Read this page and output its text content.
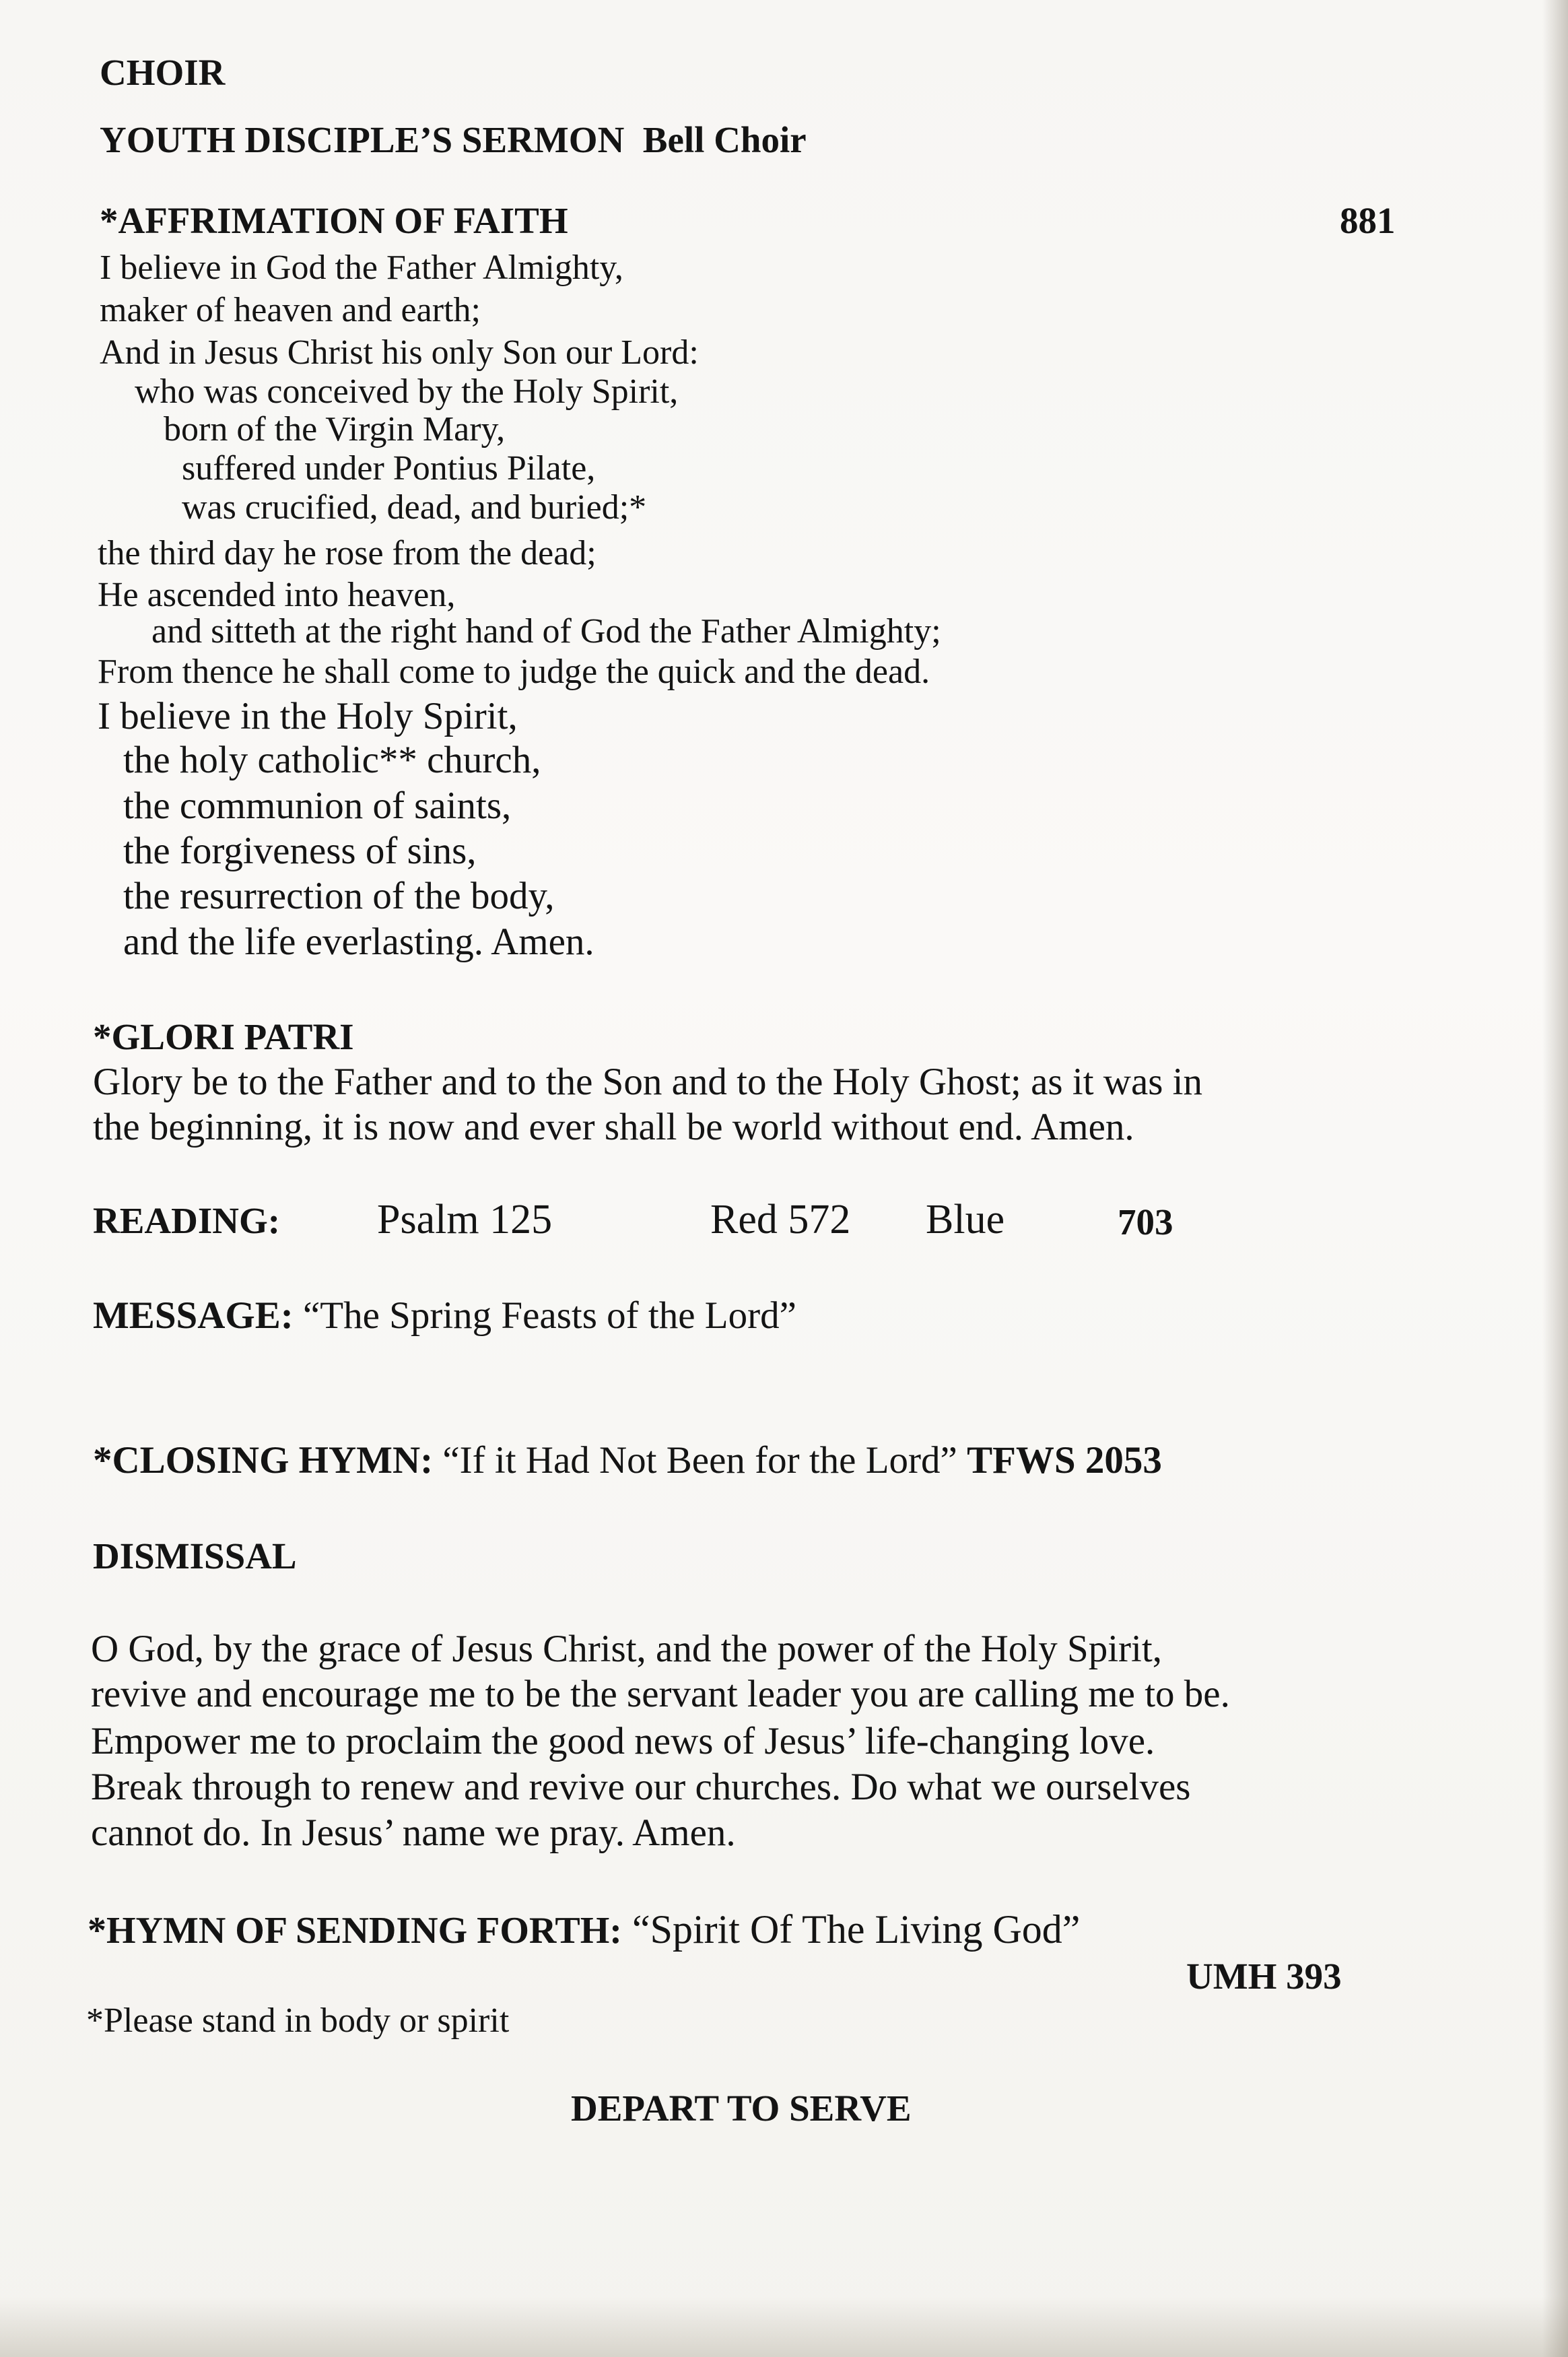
CHOIR
YOUTH DISCIPLE’S SERMON Bell Choir
*AFFRIMATION OF FAITH	881
I believe in God the Father Almighty,
maker of heaven and earth;
And in Jesus Christ his only Son our Lord:
who was conceived by the Holy Spirit,
born of the Virgin Mary,
suffered under Pontius Pilate,
was crucified, dead, and buried;*
the third day he rose from the dead;
He ascended into heaven,
and sitteth at the right hand of God the Father Almighty;
From thence he shall come to judge the quick and the dead.
I believe in the Holy Spirit,
the holy catholic** church,
the communion of saints,
the forgiveness of sins,
the resurrection of the body,
and the life everlasting. Amen.
*GLORI PATRI
Glory be to the Father and to the Son and to the Holy Ghost; as it was in
the beginning, it is now and ever shall be world without end. Amen.
READING: Psalm 125	Red 572 Blue	703
MESSAGE: “The Spring Feasts of the Lord”
*CLOSING HYMN: “If it Had Not Been for the Lord” TFWS 2053
DISMISSAL
O God, by the grace of Jesus Christ, and the power of the Holy Spirit,
revive and encourage me to be the servant leader you are calling me to be.
Empower me to proclaim the good news of Jesus’ life-changing love.
Break through to renew and revive our churches. Do what we ourselves
cannot do. In Jesus’ name we pray. Amen.
*HYMN OF SENDING FORTH: “Spirit Of The Living God”
UMH 393
*Please stand in body or spirit
DEPART TO SERVE
